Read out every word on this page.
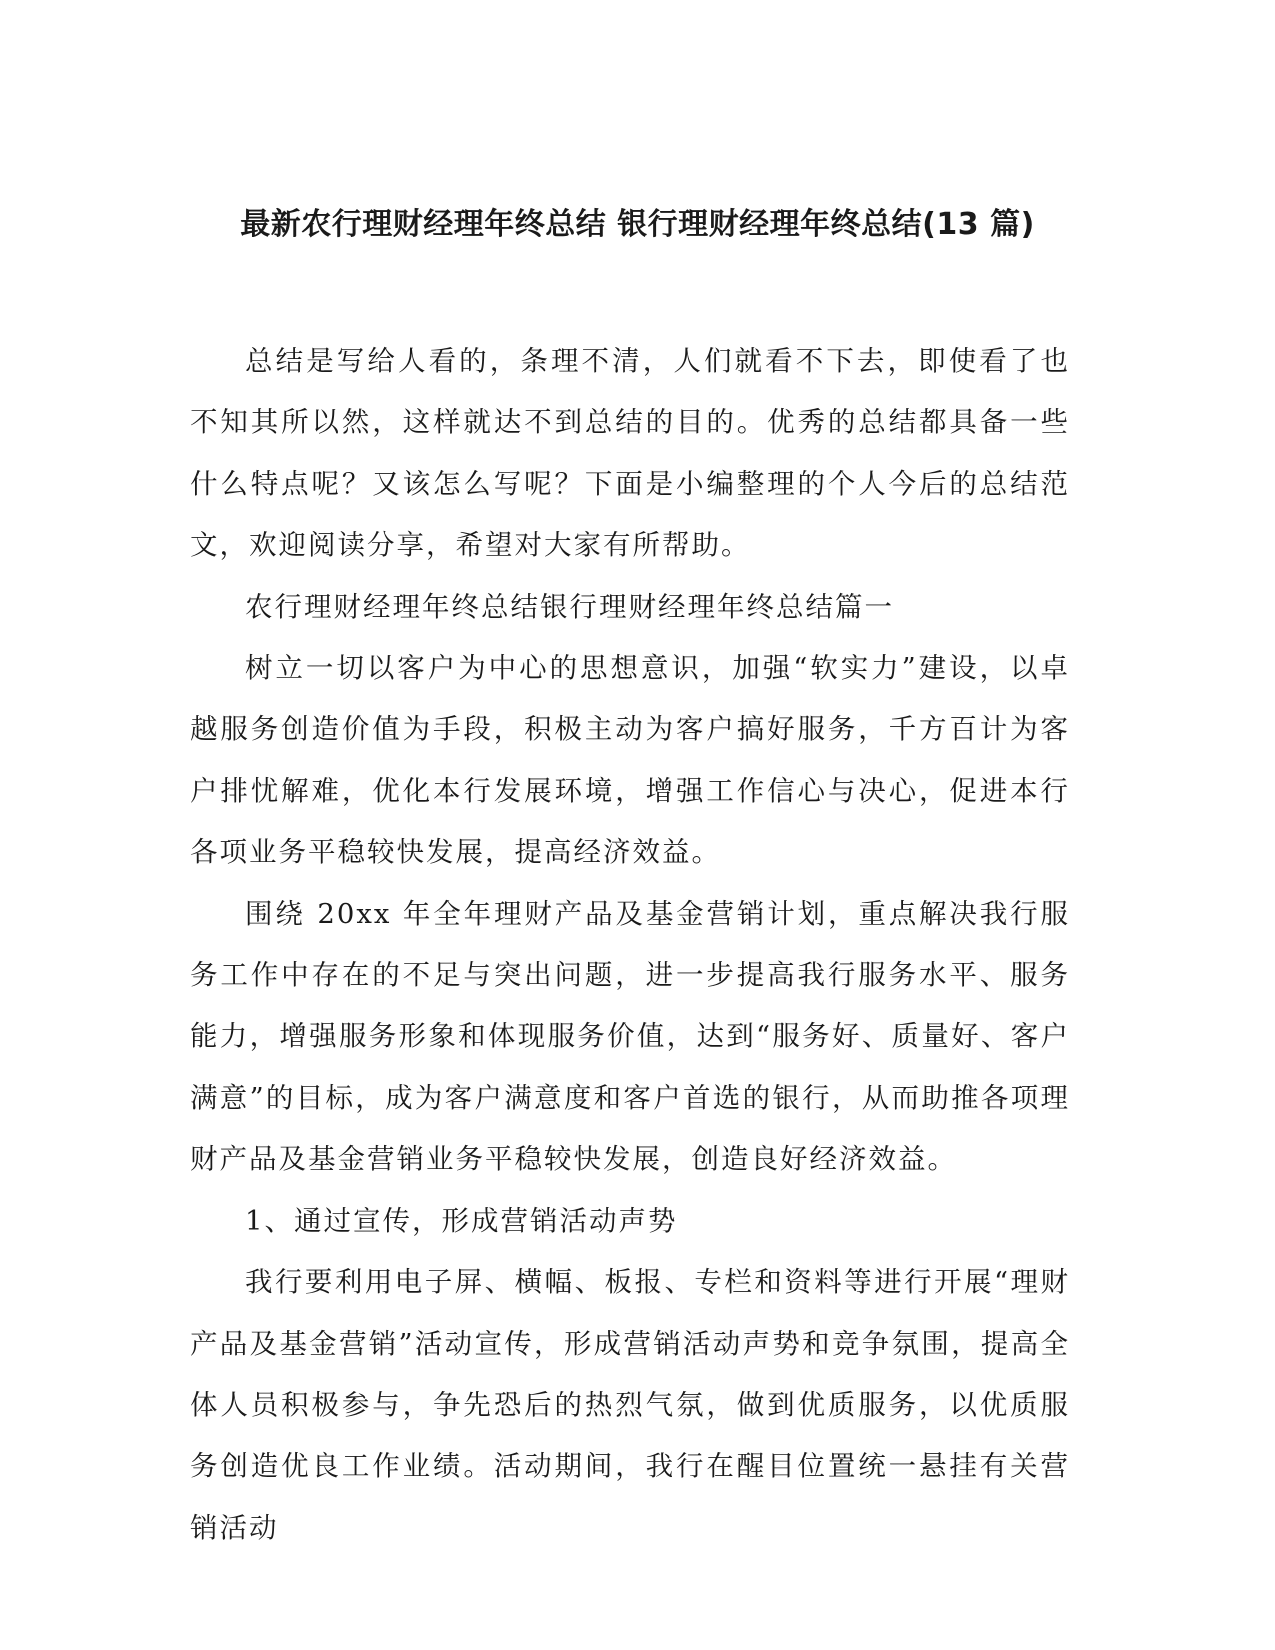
最新农行理财经理年终总结 银行理财经理年终总结(13 篇)

总结是写给人看的，条理不清，人们就看不下去，即使看了也不知其所以然，这样就达不到总结的目的。优秀的总结都具备一些什么特点呢？又该怎么写呢？下面是小编整理的个人今后的总结范文，欢迎阅读分享，希望对大家有所帮助。

农行理财经理年终总结银行理财经理年终总结篇一

树立一切以客户为中心的思想意识，加强“软实力”建设，以卓越服务创造价值为手段，积极主动为客户搞好服务，千方百计为客户排忧解难，优化本行发展环境，增强工作信心与决心，促进本行各项业务平稳较快发展，提高经济效益。

围绕 20xx 年全年理财产品及基金营销计划，重点解决我行服务工作中存在的不足与突出问题，进一步提高我行服务水平、服务能力，增强服务形象和体现服务价值，达到“服务好、质量好、客户满意”的目标，成为客户满意度和客户首选的银行，从而助推各项理财产品及基金营销业务平稳较快发展，创造良好经济效益。

1、通过宣传，形成营销活动声势

我行要利用电子屏、横幅、板报、专栏和资料等进行开展“理财产品及基金营销”活动宣传，形成营销活动声势和竞争氛围，提高全体人员积极参与，争先恐后的热烈气氛，做到优质服务，以优质服务创造优良工作业绩。活动期间，我行在醒目位置统一悬挂有关营销活动
